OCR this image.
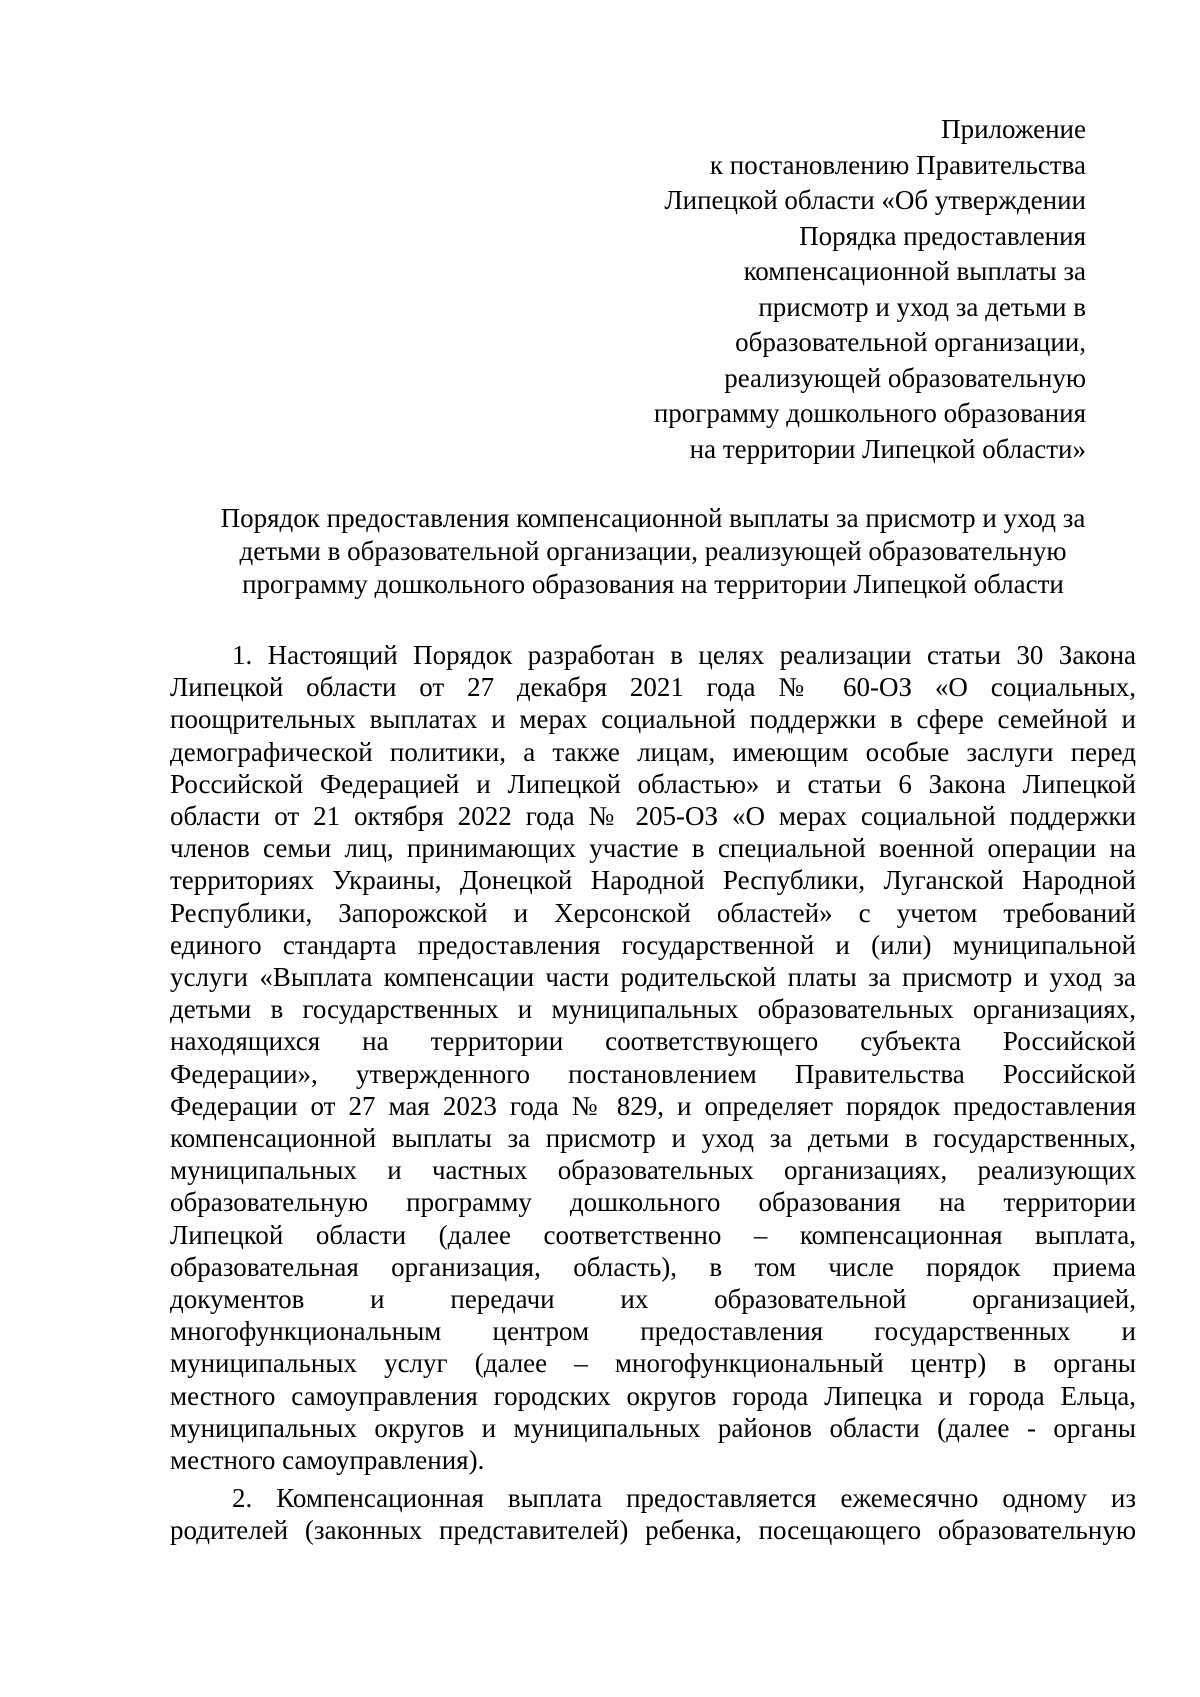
Приложение
к постановлению Правительства
Липецкой области «Об утверждении
Порядка предоставления
компенсационной выплаты за
присмотр и уход за детьми в
образовательной организации,
реализующей образовательную
программу дошкольного образования
на территории Липецкой области»
Порядок предоставления компенсационной выплаты за присмотр и уход за
детьми в образовательной организации, реализующей образовательную
программу дошкольного образования на территории Липецкой области
1. Настоящий Порядок разработан в целях реализации статьи 30 Закона
Липецкой области от 27 декабря 2021 года № 60-ОЗ «О социальных,
поощрительных выплатах и мерах социальной поддержки в сфере семейной и
демографической политики, а также лицам, имеющим особые заслуги перед
Российской Федерацией и Липецкой областью» и статьи 6 Закона Липецкой
области от 21 октября 2022 года № 205-ОЗ «О мерах социальной поддержки
членов семьи лиц, принимающих участие в специальной военной операции на
территориях Украины, Донецкой Народной Республики, Луганской Народной
Республики, Запорожской и Херсонской областей» с учетом требований
единого стандарта предоставления государственной и (или) муниципальной
услуги «Выплата компенсации части родительской платы за присмотр и уход за
детьми в государственных и муниципальных образовательных организациях,
находящихся на территории соответствующего субъекта Российской
Федерации», утвержденного постановлением Правительства Российской
Федерации от 27 мая 2023 года № 829, и определяет порядок предоставления
компенсационной выплаты за присмотр и уход за детьми в государственных,
муниципальных и частных образовательных организациях, реализующих
образовательную программу дошкольного образования на территории
Липецкой области (далее соответственно – компенсационная выплата,
образовательная организация, область), в том числе порядок приема
документов и передачи их образовательной организацией,
многофункциональным центром предоставления государственных и
муниципальных услуг (далее – многофункциональный центр) в органы
местного самоуправления городских округов города Липецка и города Ельца,
муниципальных округов и муниципальных районов области (далее - органы
местного самоуправления).
2. Компенсационная выплата предоставляется ежемесячно одному из
родителей (законных представителей) ребенка, посещающего образовательную
